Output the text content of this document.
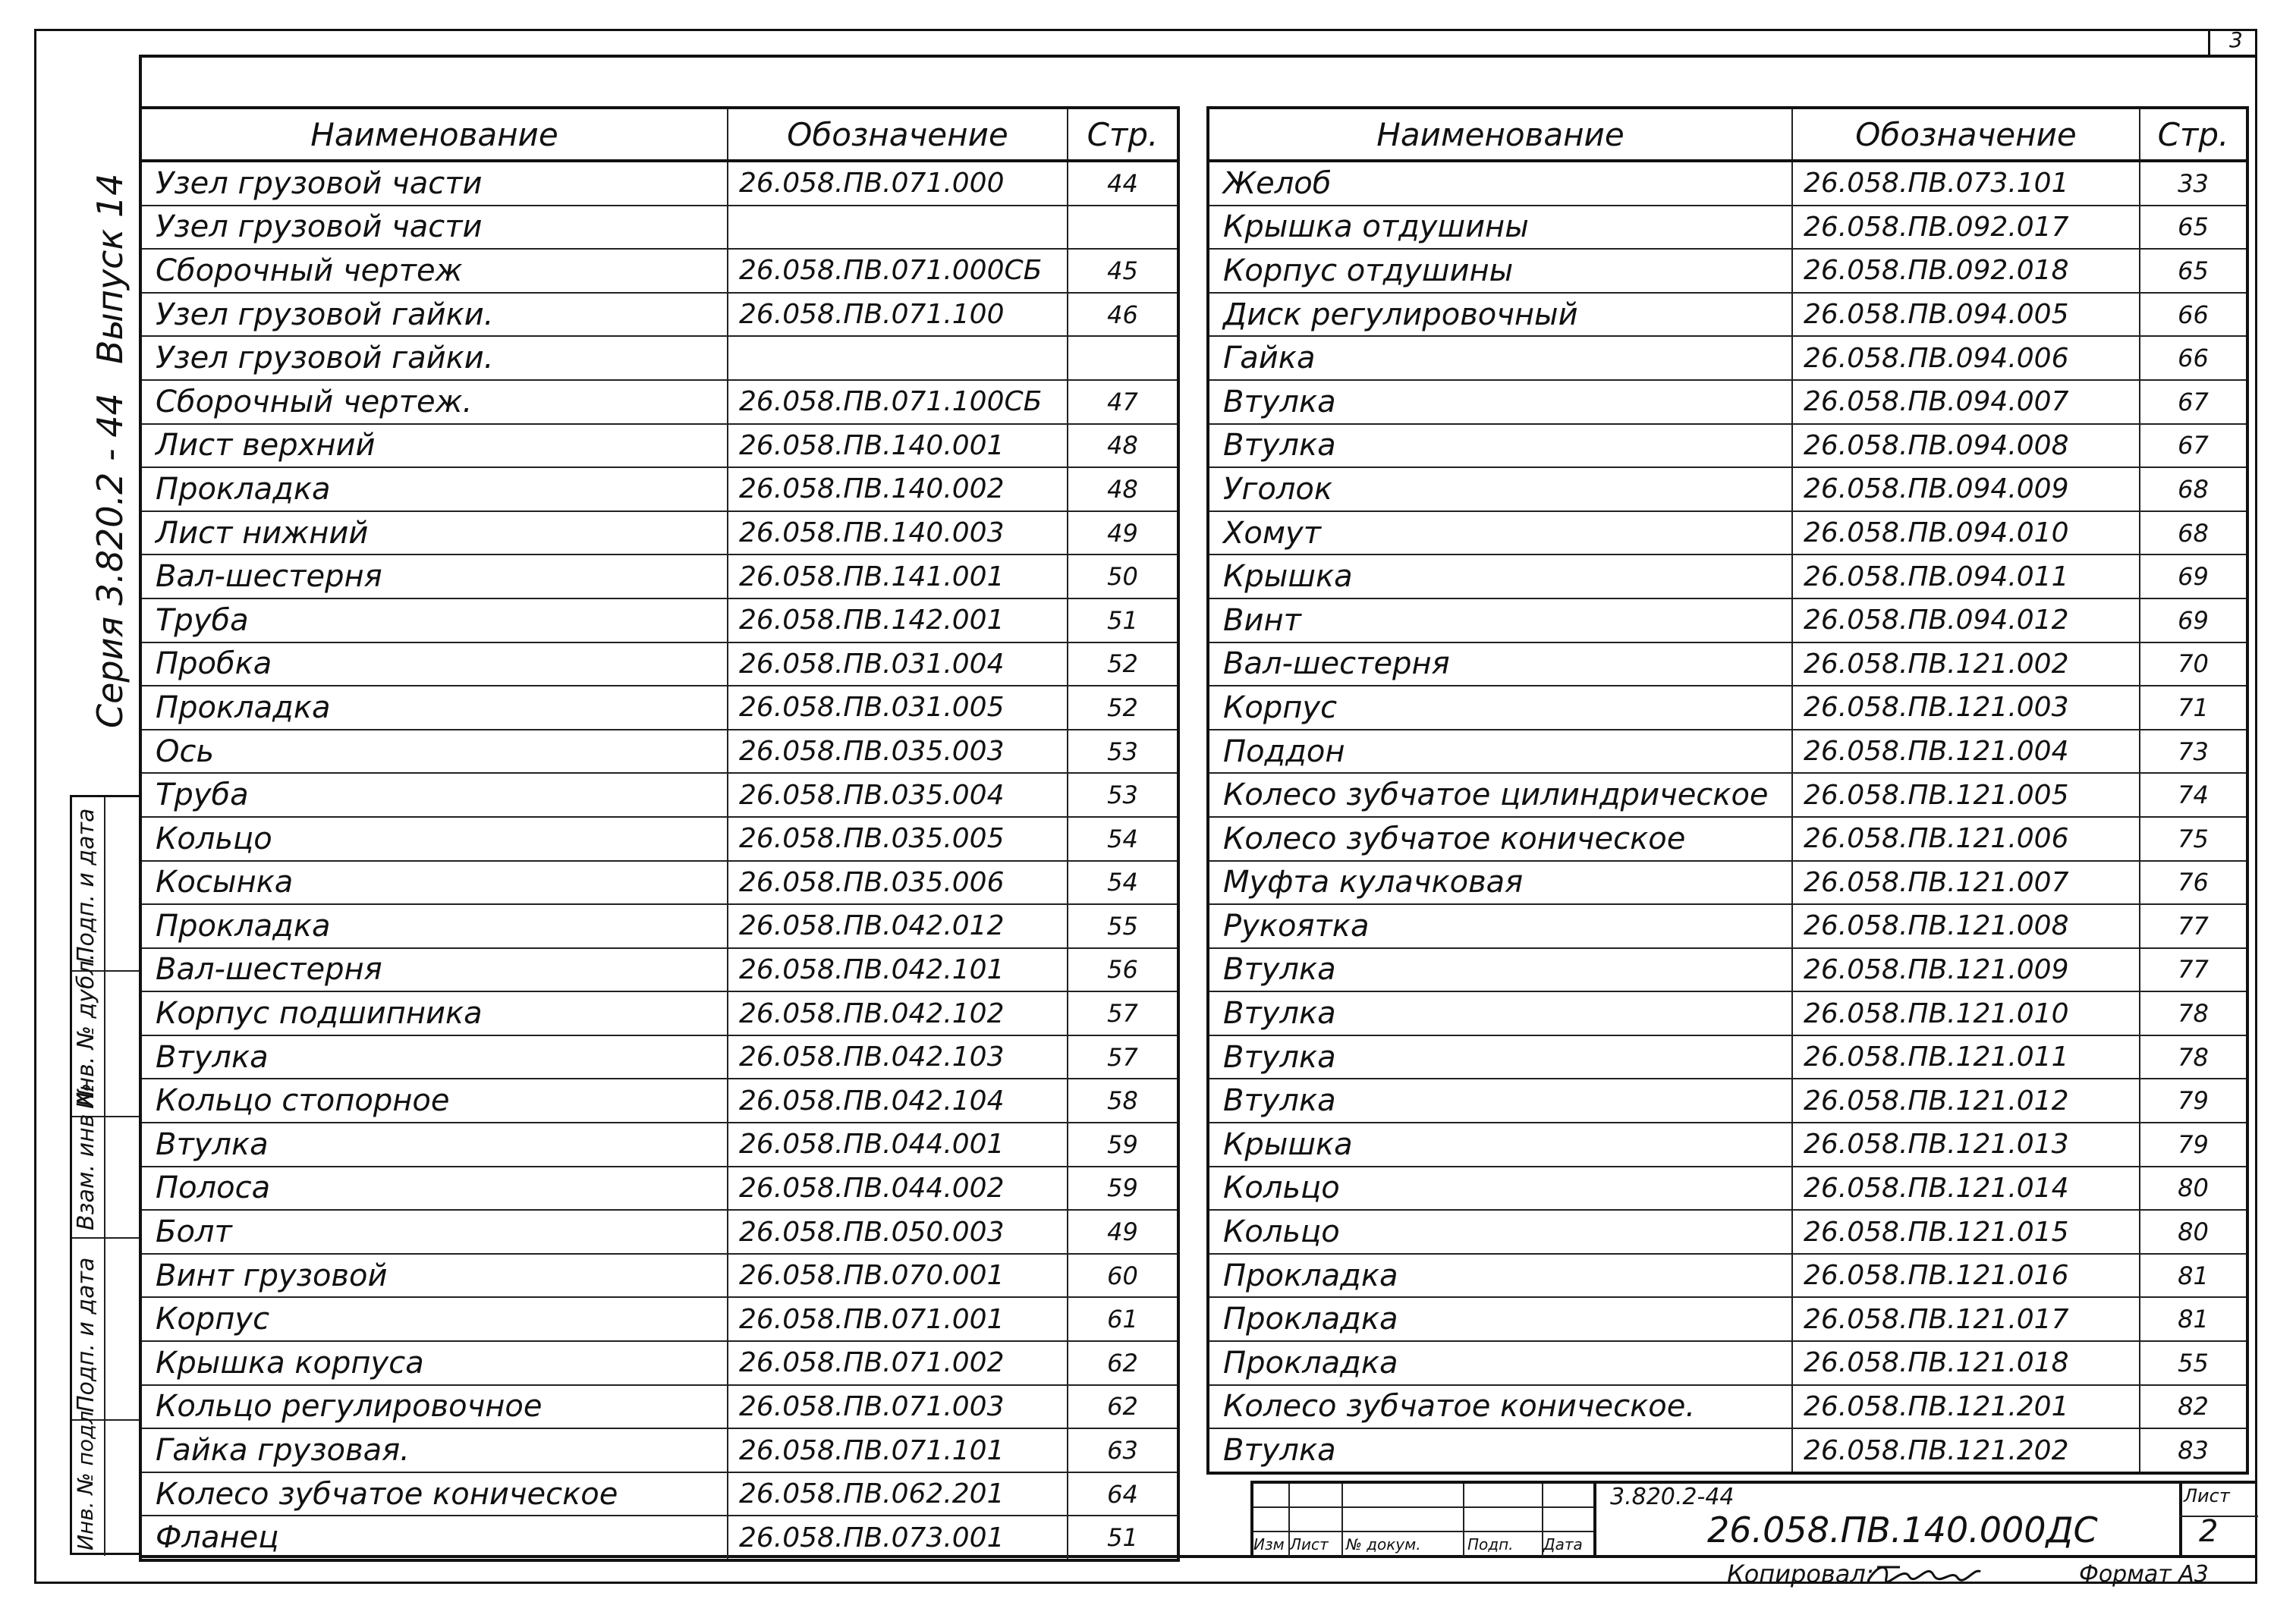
3
Выпуск 14
Серия 3.820.2 - 44
Подп. и дата
Инв. № дубл.
Взам. инв №
Подп. и дата
Инв. № подл
Наименование	Обозначение	Стр.
Узел грузовой части	26.058.ПВ.071.000	44
Узел грузовой части		
Сборочный чертеж	26.058.ПВ.071.000СБ	45
Узел грузовой гайки.	26.058.ПВ.071.100	46
Узел грузовой гайки.		
Сборочный чертеж.	26.058.ПВ.071.100СБ	47
Лист верхний	26.058.ПВ.140.001	48
Прокладка	26.058.ПВ.140.002	48
Лист нижний	26.058.ПВ.140.003	49
Вал-шестерня	26.058.ПВ.141.001	50
Труба	26.058.ПВ.142.001	51
Пробка	26.058.ПВ.031.004	52
Прокладка	26.058.ПВ.031.005	52
Ось	26.058.ПВ.035.003	53
Труба	26.058.ПВ.035.004	53
Кольцо	26.058.ПВ.035.005	54
Косынка	26.058.ПВ.035.006	54
Прокладка	26.058.ПВ.042.012	55
Вал-шестерня	26.058.ПВ.042.101	56
Корпус подшипника	26.058.ПВ.042.102	57
Втулка	26.058.ПВ.042.103	57
Кольцо стопорное	26.058.ПВ.042.104	58
Втулка	26.058.ПВ.044.001	59
Полоса	26.058.ПВ.044.002	59
Болт	26.058.ПВ.050.003	49
Винт грузовой	26.058.ПВ.070.001	60
Корпус	26.058.ПВ.071.001	61
Крышка корпуса	26.058.ПВ.071.002	62
Кольцо регулировочное	26.058.ПВ.071.003	62
Гайка грузовая.	26.058.ПВ.071.101	63
Колесо зубчатое коническое	26.058.ПВ.062.201	64
Фланец	26.058.ПВ.073.001	51
Наименование	Обозначение	Стр.
Желоб	26.058.ПВ.073.101	33
Крышка отдушины	26.058.ПВ.092.017	65
Корпус отдушины	26.058.ПВ.092.018	65
Диск регулировочный	26.058.ПВ.094.005	66
Гайка	26.058.ПВ.094.006	66
Втулка	26.058.ПВ.094.007	67
Втулка	26.058.ПВ.094.008	67
Уголок	26.058.ПВ.094.009	68
Хомут	26.058.ПВ.094.010	68
Крышка	26.058.ПВ.094.011	69
Винт	26.058.ПВ.094.012	69
Вал-шестерня	26.058.ПВ.121.002	70
Корпус	26.058.ПВ.121.003	71
Поддон	26.058.ПВ.121.004	73
Колесо зубчатое цилиндрическое	26.058.ПВ.121.005	74
Колесо зубчатое коническое	26.058.ПВ.121.006	75
Муфта кулачковая	26.058.ПВ.121.007	76
Рукоятка	26.058.ПВ.121.008	77
Втулка	26.058.ПВ.121.009	77
Втулка	26.058.ПВ.121.010	78
Втулка	26.058.ПВ.121.011	78
Втулка	26.058.ПВ.121.012	79
Крышка	26.058.ПВ.121.013	79
Кольцо	26.058.ПВ.121.014	80
Кольцо	26.058.ПВ.121.015	80
Прокладка	26.058.ПВ.121.016	81
Прокладка	26.058.ПВ.121.017	81
Прокладка	26.058.ПВ.121.018	55
Колесо зубчатое коническое.	26.058.ПВ.121.201	82
Втулка	26.058.ПВ.121.202	83
Изм Лист № докум.	Подп. Дата
3.820.2-44
26.058.ПВ.140.000ДС
Лист
2
Копировал:	Формат А3
